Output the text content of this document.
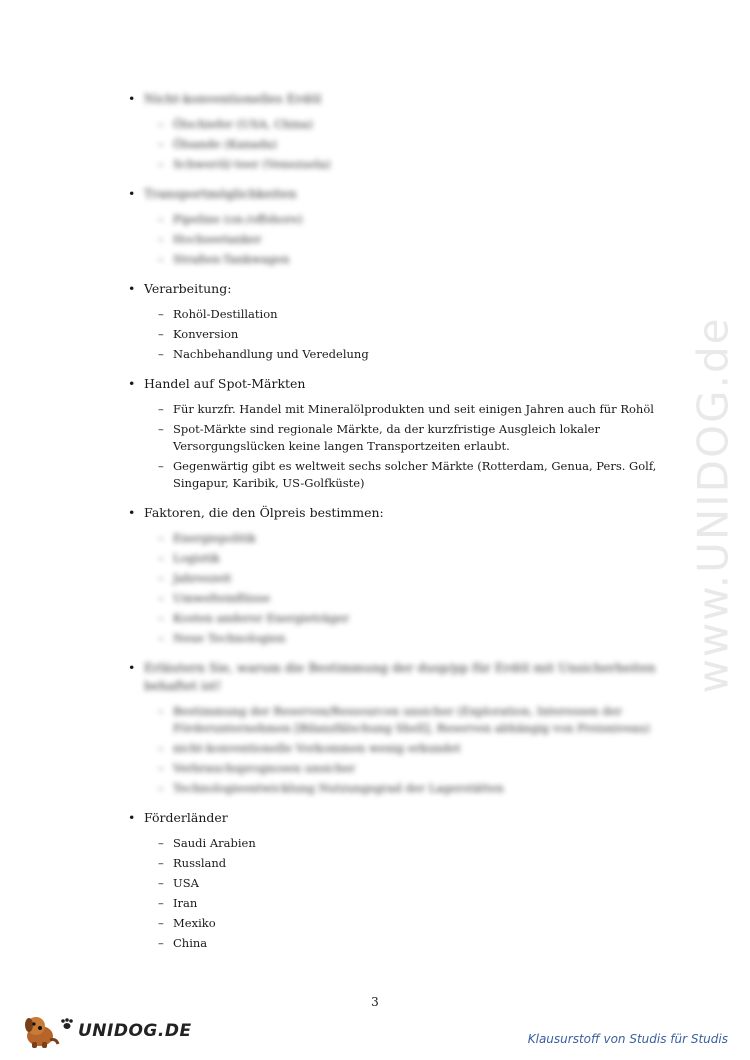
www.UNIDOG.de
• Nicht-konventionelles Erdöl
– Ölschiefer (USA, China)
– Ölsande (Kanada)
– Schweröl/-teer (Venezuela)
• Transportmöglichkeiten
– Pipeline (on-/offshore)
– Hochseetanker
– Straßen-Tankwagen
• Verarbeitung:
– Rohöl-Destillation
– Konversion
– Nachbehandlung und Veredelung
• Handel auf Spot-Märkten
– Für kurzfr. Handel mit Mineralölprodukten und seit einigen Jahren auch für Rohöl
– Spot-Märkte sind regionale Märkte, da der kurzfristige Ausgleich lokaler Versorgungslücken keine langen Transportzeiten erlaubt.
– Gegenwärtig gibt es weltweit sechs solcher Märkte (Rotterdam, Genua, Pers. Golf, Singapur, Karibik, US-Golfküste)
• Faktoren, die den Ölpreis bestimmen:
– Energiepolitik
– Logistik
– Jahreszeit
– Umwelteinflüsse
– Kosten anderer Energieträger
– Neue Technologien
• Erläutern Sie, warum die Bestimmung der dusp/pp für Erdöl mit Unsicherheiten behaftet ist!
– Bestimmung der Reserven/Ressourcen unsicher (Exploration, Interessen der Förderunternehmen [Bilanzfälschung Shell], Reserven abhängig von Preisniveau)
– nicht-konventionelle Vorkommen wenig erkundet
– Verbrauchsprognosen unsicher
– Technologieentwicklung Nutzungsgrad der Lagerstätten
• Förderländer
– Saudi Arabien
– Russland
– USA
– Iran
– Mexiko
– China
3
UNIDOG.DE	Klausurstoff von Studis für Studis
